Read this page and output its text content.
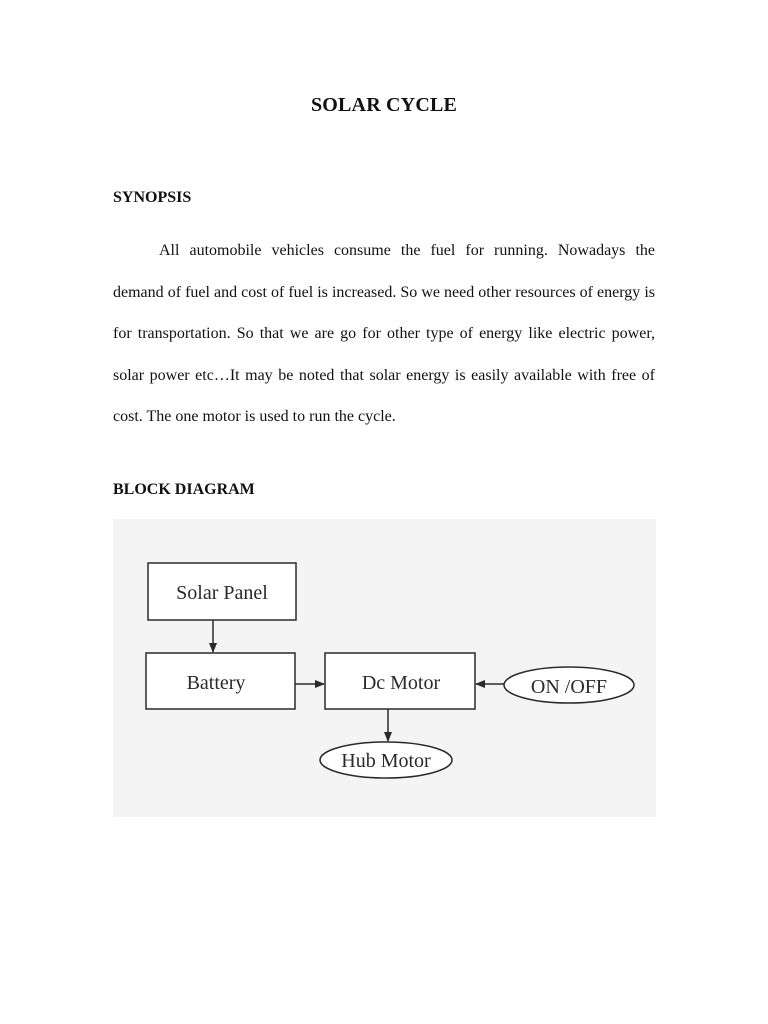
SOLAR CYCLE
SYNOPSIS

All automobile vehicles consume the fuel for running. Nowadays the demand of fuel and cost of fuel is increased. So we need other resources of energy is for transportation. So that we are go for other type of energy like electric power, solar power etc…It may be noted that solar energy is easily available with free of cost. The one motor is used to run the cycle.

BLOCK DIAGRAM
Solar Panel
Battery	Dc Motor	ON /OFF
Hub Motor
